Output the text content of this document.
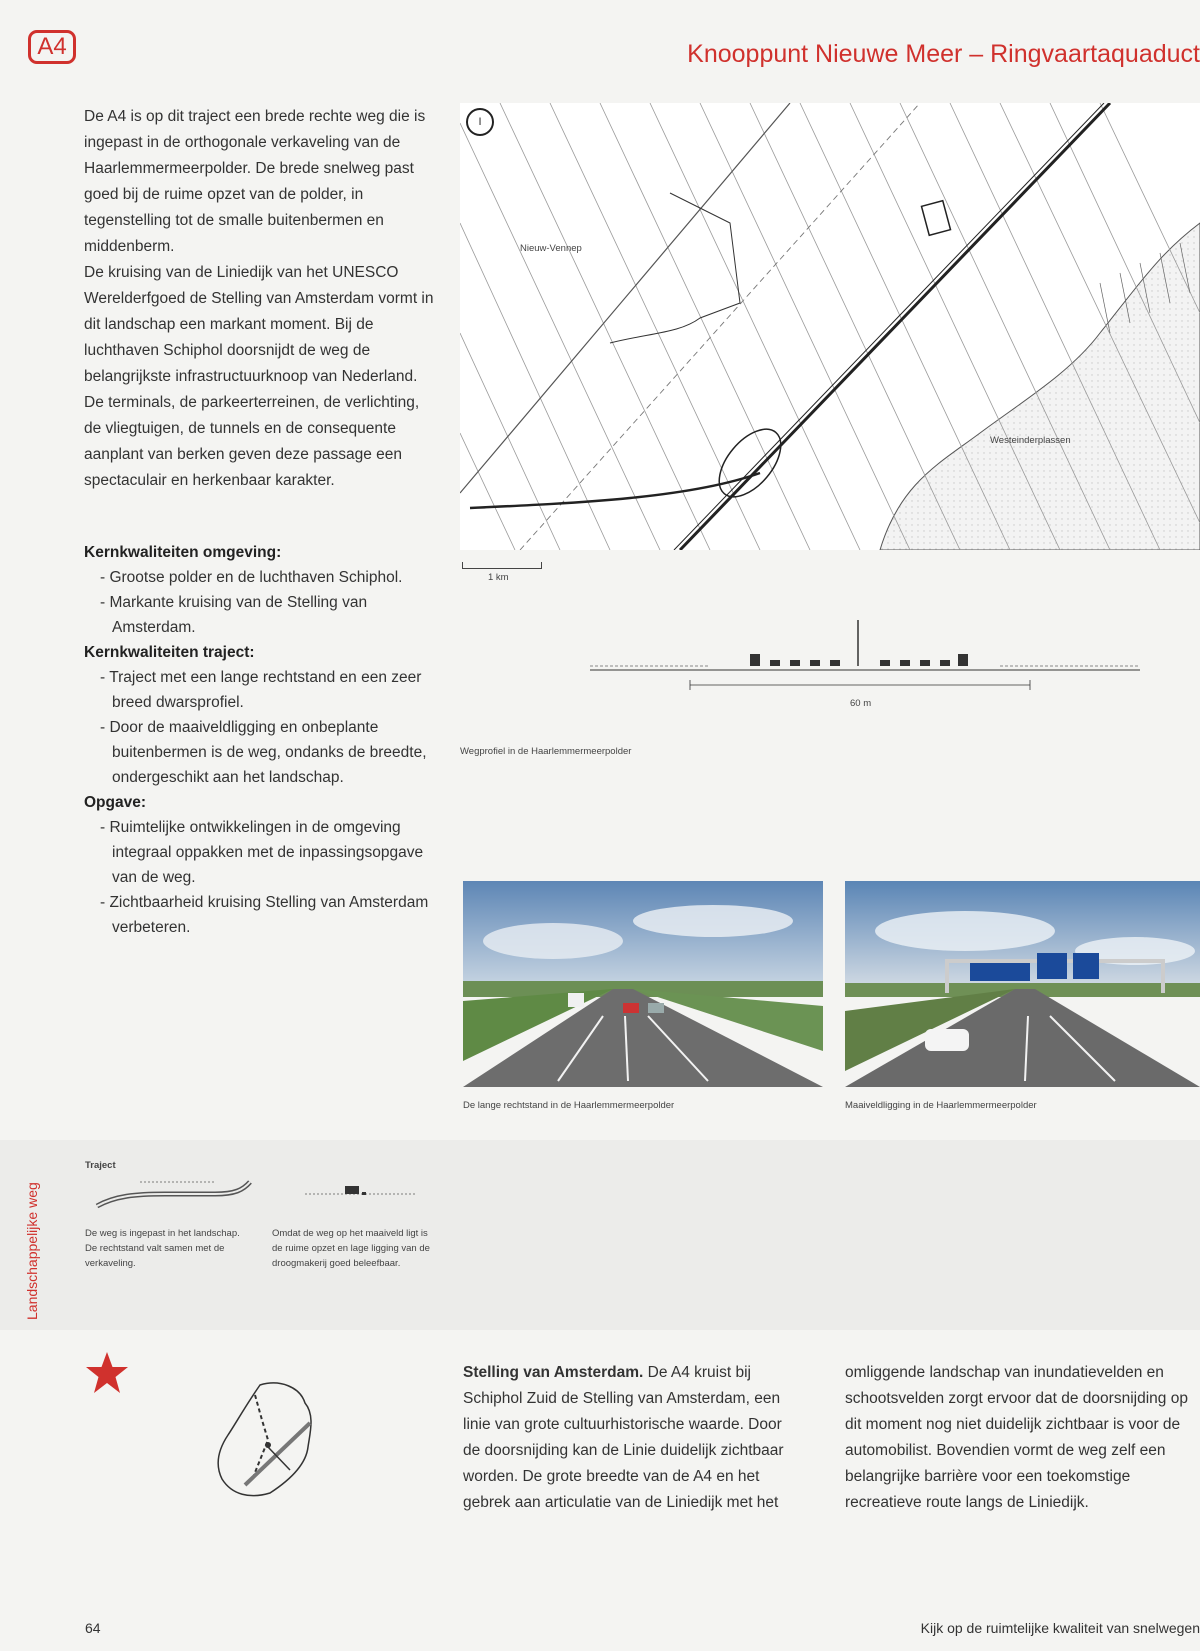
A4	Knooppunt Nieuwe Meer – Ringvaartaquaduct

De A4 is op dit traject een brede rechte weg die is ingepast in de orthogonale verkaveling van de Haarlemmermeerpolder. De brede snelweg past goed bij de ruime opzet van de polder, in tegenstelling tot de smalle buitenbermen en middenberm.

De kruising van de Liniedijk van het UNESCO Werelderfgoed de Stelling van Amsterdam vormt in dit landschap een markant moment. Bij de luchthaven Schiphol doorsnijdt de weg de belangrijkste infrastructuurknoop van Nederland. De terminals, de parkeerterreinen, de verlichting, de vliegtuigen, de tunnels en de consequente aanplant van berken geven deze passage een spectaculair en herkenbaar karakter.

Kernkwaliteiten omgeving:
- Grootse polder en de luchthaven Schiphol.
- Markante kruising van de Stelling van Amsterdam.
Kernkwaliteiten traject:
- Traject met een lange rechtstand en een zeer breed dwarsprofiel.
- Door de maaiveldligging en onbeplante buitenbermen is de weg, ondanks de breedte, ondergeschikt aan het landschap.
Opgave:
- Ruimtelijke ontwikkelingen in de omgeving integraal oppakken met de inpassingsopgave van de weg.
- Zichtbaarheid kruising Stelling van Amsterdam verbeteren.
I
Nieuw-Vennep
Westeinderplassen
1 km
60 m
Wegprofiel in de Haarlemmermeerpolder
De lange rechtstand in de Haarlemmermeerpolder	Maaiveldligging in de Haarlemmermeerpolder
Landschappelijke weg
Traject
De weg is ingepast in het landschap. De rechtstand valt samen met de verkaveling.
Omdat de weg op het maaiveld ligt is de ruime opzet en lage ligging van de droogmakerij goed beleefbaar.
Stelling van Amsterdam. De A4 kruist bij Schiphol Zuid de Stelling van Amsterdam, een linie van grote cultuurhistorische waarde. Door de doorsnijding kan de Linie duidelijk zichtbaar worden. De grote breedte van de A4 en het gebrek aan articulatie van de Liniedijk met het
omliggende landschap van inundatievelden en schootsvelden zorgt ervoor dat de doorsnijding op dit moment nog niet duidelijk zichtbaar is voor de automobilist. Bovendien vormt de weg zelf een belangrijke barrière voor een toekomstige recreatieve route langs de Liniedijk.
64	Kijk op de ruimtelijke kwaliteit van snelwegen
